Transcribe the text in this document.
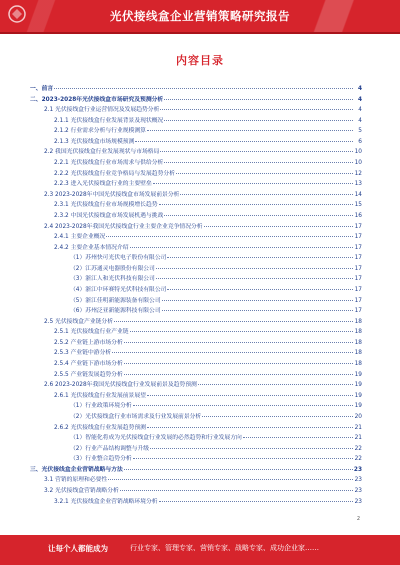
光伏接线盒企业营销策略研究报告
内容目录
一、前言	4
二、2023-2028年光伏接线盒市场研究及预测分析	4
2.1 光伏接线盒行业运营情况及发展趋势分析	4
2.1.1 光伏接线盒行业发展背景及现状概况	4
2.1.2 行业需求分析与行业规模测算	5
2.1.3 光伏接线盒市场规模预测	6
2.2 我国光伏接线盒行业发展现状与市场格局	10
2.2.1 光伏接线盒行业市场需求与供给分析	10
2.2.2 光伏接线盒行业竞争格局与发展趋势分析	12
2.2.3 进入光伏接线盒行业的主要壁垒	13
2.3 2023-2028年中国光伏接线盒市场发展前景分析	14
2.3.1 光伏接线盒行业市场规模增长趋势	15
2.3.2 中国光伏接线盒市场发展机遇与挑战	16
2.4 2023-2028年我国光伏接线盒行业主要企业竞争情况分析	17
2.4.1 主要企业概况	17
2.4.2 主要企业基本情况介绍	17
（1）苏州快可光伏电子股份有限公司	17
（2）江苏通灵电器股份有限公司	17
（3）浙江人和光伏科技有限公司	17
（4）浙江中环赛特光伏科技有限公司	17
（5）浙江佳明新能源装备有限公司	17
（6）苏州泛亚新能源科技有限公司	17
2.5 光伏接线盒产业链分析	18
2.5.1 光伏接线盒行业产业链	18
2.5.2 产业链上游市场分析	18
2.5.3 产业链中游分析	18
2.5.4 产业链下游市场分析	18
2.5.5 产业链发展趋势分析	19
2.6 2023-2028年我国光伏接线盒行业发展前景及趋势预测	19
2.6.1 光伏接线盒行业发展前景展望	19
（1）行业政策环境分析	19
（2）光伏接线盒行业市场需求及行业发展前景分析	20
2.6.2 光伏接线盒行业发展趋势预测	21
（1）智能化将成为光伏接线盒行业发展的必然趋势和行业发展方向	21
（2）行业产品结构调整与升级	22
（3）行业整合趋势分析	22
三、光伏接线盒企业营销战略与方法	23
3.1 营销的原理和必要性	23
3.2 光伏接线盒营销战略分析	23
3.2.1 光伏接线盒企业营销战略环境分析	23
2
让每个人都能成为	行业专家、管理专家、营销专家、战略专家、成功企业家……
